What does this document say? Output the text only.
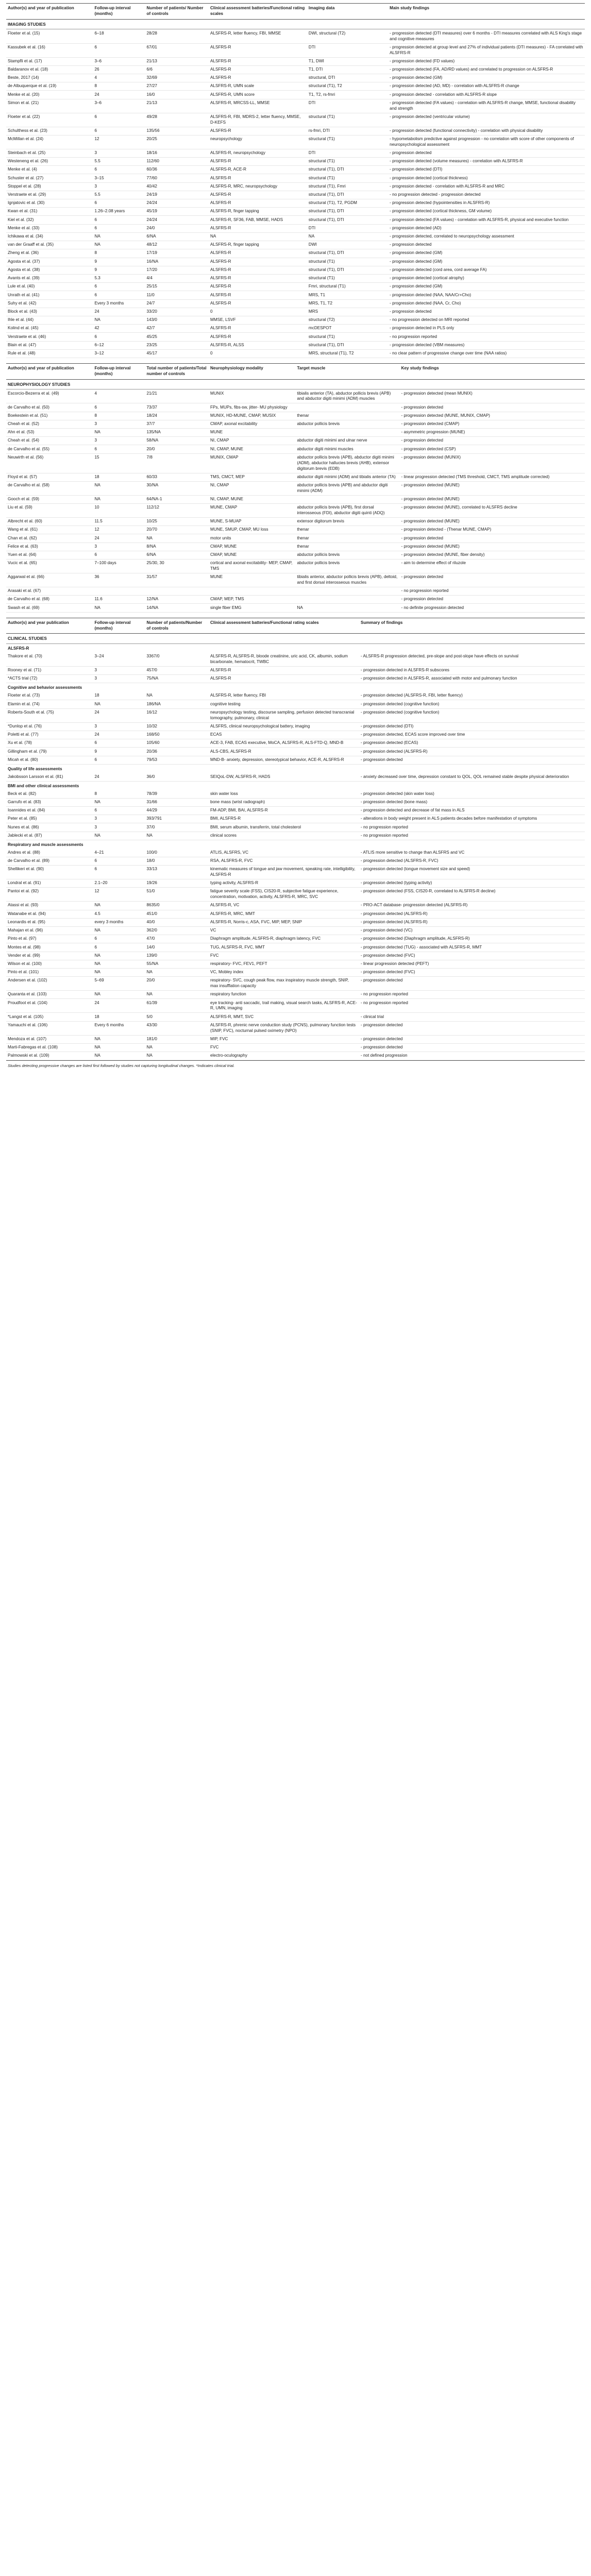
Author(s) and year of publication	Follow-up interval (months)	Number of patients/ Number of controls	Clinical assessment batteries/Functional rating scales	Imaging data	Main study findings
IMAGING STUDIES					
Floeter et al. (15)	6–18	28/28	ALSFRS-R, letter fluency, FBI, MMSE	DWI, structural (T2)	- progression detected (DTI measures) over 6 months - DTI measures correlated with ALS King's stage and cognitive measures
Kassubek et al. (16)	6	67/01	ALSFRS-R	DTI	- progression detected at group level and 27% of individual patients (DTI measures) - FA correlated with ALSFRS-R
Stampfli et al. (17)	3–6	21/13	ALSFRS-R	T1, DWI	- progression detected (FD values)
Baldaranov et al. (18)	26	6/6	ALSFRS-R	T1, DTI	- progression detected (FA, AD/RD values) and correlated to progression on ALSFRS-R
Beste, 2017 (14)	4	32/69	ALSFRS-R	structural, DTI	- progression detected (GM)
de Albuquerque et al. (19)	8	27/27	ALSFRS-R, UMN scale	structural (T1), T2	- progression detected (AD, MD) - correlation with ALSFRS-R change
Menke et al. (20)	24	16/0	ALSFRS-R, UMN score	T1, T2, rs-fmri	- progression detected - correlation with ALSFRS-R slope
Simon et al. (21)	3–6	21/13	ALSFRS-R, MRCSS-LL, MMSE	DTI	- progression detected (FA values) - correlation with ALSFRS-R change, MMSE, functional disability and strength
Floeter et al. (22)	6	49/28	ALSFRS-R, FBI, MDRS-2, letter fluency, MMSE, D-KEFS	structural (T1)	- progression detected (ventricular volume)
Schulthess et al. (23)	6	135/56	ALSFRS-R	rs-fmri, DTI	- progression detected (functional connectivity) - correlation with physical disability
McMillan et al. (24)	12	20/25	neuropsychology	structural (T1)	- hypometabolism predictive against progression - no correlation with score of other components of neuropsychological assessment
Steinbach et al. (25)	3	18/16	ALSFRS-R, neuropsychology	DTI	- progression detected
Westeneng et al. (26)	5.5	112/60	ALSFRS-R	structural (T1)	- progression detected (volume measures) - correlation with ALSFRS-R
Menke et al. (4)	6	60/36	ALSFRS-R, ACE-R	structural (T1), DTI	- progression detected (DTI)
Schuster et al. (27)	3–15	77/60	ALSFRS-R	structural (T1)	- progression detected (cortical thickness)
Stoppel et al. (28)	3	40/42	ALSFRS-R, MRC, neuropsychology	structural (T1), Fmri	- progression detected - correlation with ALSFRS-R and MRC
Verstraete et al. (29)	5.5	24/19	ALSFRS-R	structural (T1), DTI	- no progression detected - progression detected
Ignjatovic et al. (30)	6	24/24	ALSFRS-R	structural (T1), T2, PGDM	- progression detected (hypointensities in ALSFRS-R)
Kwan et al. (31)	1.26–2.08 years	45/19	ALSFRS-R, finger tapping	structural (T1), DTI	- progression detected (cortical thickness, GM volume)
Kiel et al. (32)	6	24/24	ALSFRS-R, SF36, FAB, MMSE, HADS	structural (T1), DTI	- progression detected (FA values) - correlation with ALSFRS-R, physical and executive function
Menke et al. (33)	6	24/0	ALSFRS-R	DTI	- progression detected (AD)
Ichikawa et al. (34)	NA	6/NA	NA	NA	- progression detected, correlated to neuropsychology assessment
van der Graaff et al. (35)	NA	48/12	ALSFRS-R, finger tapping	DWI	- progression detected
Zheng et al. (36)	8	17/19	ALSFRS-R	structural (T1), DTI	- progression detected (GM)
Agosta et al. (37)	9	16/NA	ALSFRS-R	structural (T1)	- progression detected (GM)
Agosta et al. (38)	9	17/20	ALSFRS-R	structural (T1), DTI	- progression detected (cord area, cord average FA)
Avants et al. (39)	5.3	4/4	ALSFRS-R	structural (T1)	- progression detected (cortical atrophy)
Lule et al. (40)	6	25/15	ALSFRS-R	Fmri, structural (T1)	- progression detected (GM)
Unrath et al. (41)	6	11/0	ALSFRS-R	MRS, T1	- progression detected (NAA, NAA/Cr+Cho)
Suhy et al. (42)	Every 3 months	24/7	ALSFRS-R	MRS, T1, T2	- progression detected (NAA, Cr, Cho)
Block et al. (43)	24	33/20	0	MRS	- progression detected
Ihle et al. (44)	NA	143/0	MMSE, LSVF	structural (T2)	- no progression detected on MRI reported
Kolind et al. (45)	42	42/7	ALSFRS-R	mcDESPOT	- progression detected in PLS only
Verstraete et al. (46)	6	45/25	ALSFRS-R	structural (T1)	- no progression reported
Blain et al. (47)	6–12	23/25	ALSFRS-R, ALSS	structural (T1), DTI	- progression detected (VBM measures)
Rule et al. (48)	3–12	45/17	0	MRS, structural (T1), T2	- no clear pattern of progressive change over time (NAA ratios)
Author(s) and year of publication	Follow-up interval (months)	Total number of patients/Total number of controls	Neurophysiology modality	Target muscle	Key study findings
NEUROPHYSIOLOGY STUDIES					
Escorcio-Bezerra et al. (49)	4	21/21	MUNIX	tibialis anterior (TA), abductor pollicis brevis (APB) and abductor digiti minimi (ADM) muscles	- progression detected (mean MUNIX)
de Carvalho et al. (50)	6	73/37	FPs, MUPs, fibs-sw, jitter- MU physiology		- progression detected
Boekestein et al. (51)	8	18/24	MUNIX, HD-MUNE, CMAP, MUSIX	thenar	- progression detected (MUNE, MUNIX, CMAP)
Cheah et al. (52)	3	37/7	CMAP, axonal excitability	abductor pollicis brevis	- progression detected (CMAP)
Ahn et al. (53)	NA	135/NA	MUNE		- asymmetric progression (MUNE)
Cheah et al. (54)	3	58/NA	NI, CMAP	abductor digiti minimi and ulnar nerve	- progression detected
de Carvalho et al. (55)	6	20/0	NI, CMAP, MUNE	abductor digiti minimi muscles	- progression detected (CSP)
Neuwirth et al. (56)	15	7/8	MUNIX, CMAP	abductor pollicis brevis (APB), abductor digiti minimi (ADM), abductor hallucies brevis (AHB), extensor digitorum brevis (EDB)	- progression detected (MUNIX)
Floyd et al. (57)	18	60/33	TMS, CMCT, MEP	abductor digiti minimi (ADM) and tibialis anterior (TA)	- linear progression detected (TMS threshold, CMCT, TMS amplitude corrected)
de Carvalho et al. (58)	NA	30/NA	NI, CMAP	abductor pollicis brevis (APB) and abductor digiti minimi (ADM)	- progression detected (MUNE)
Gooch et al. (59)	NA	64/NA-1	NI, CMAP, MUNE		- progression detected (MUNE)
Liu et al. (59)	10	112/12	MUNE, CMAP	abductor pollicis brevis (APB), first dorsal interosseous (FDI), abductor digiti quinti (ADQ)	- progression detected (MUNE), correlated to ALSFRS decline
Albrecht et al. (60)	11.5	10/25	MUNE, S-MUAP	extensor digitorum brevis	- progression detected (MUNE)
Wang et al. (61)	12	20/70	MUNE, SMUP, CMAP, MU loss	thenar	- progression detected - (Thenar MUNE, CMAP)
Chan et al. (62)	24	NA	motor units	thenar	- progression detected
Felice et al. (63)	3	8/NA	CMAP, MUNE	thenar	- progression detected (MUNE)
Yuen et al. (64)	6	6/NA	CMAP, MUNE	abductor pollicis brevis	- progression detected (MUNE, fiber density)
Vucic et al. (65)	7–100 days	25/30, 30	cortical and axonal excitability- MEP, CMAP, TMS	abductor pollicis brevis	- aim to determine effect of riluzole
Aggarwal et al. (66)	36	31/57	MUNE	tibialis anterior, abductor pollicis brevis (APB), deltoid, and first dorsal interosseous muscles	- progression detected
Arasaki et al. (67)					- no progression reported
de Carvalho et al. (68)	11.6	12/NA	CMAP, MEP, TMS		- progression detected
Swash et al. (69)	NA	14/NA	single fiber EMG	NA	- no definite progression detected
Author(s) and year publication	Follow-up interval (months)	Number of patients/Number of controls	Clinical assessment batteries/Functional rating scales	Summary of findings
CLINICAL STUDIES				
ALSFRS-R				
Thakore et al. (70)	3–24	3367/0	ALSFRS-R, ALSFRS-R, bloode creatinine, uric acid, CK, albumin, sodium bicarbonate, hematocrit, TWBC	- ALSFRS-R progression detected, pre-slope and post-slope have effects on survival
Rooney et al. (71)	3	457/0	ALSFRS-R	- progression detected in ALSFRS-R subscores
*ACTS trial (72)	3	75/NA	ALSFRS-R	- progression detected in ALSFRS-R, associated with motor and pulmonary function
Cognitive and behavior assessments				
Floeter et al. (73)	18	NA	ALSFRS-R, letter fluency, FBI	- progression detected (ALSFRS-R, FBI, letter fluency)
Elamin et al. (74)	NA	186/NA	cognitive testing	- progression detected (cognitive function)
Roberts-South et al. (75)	24	16/12	neuropsychology testing, discourse sampling, perfusion detected transcranial tomography, pulmonary, clinical	- progression detected (cognitive function)
*Dunlop et al. (76)	3	10/32	ALSFRS, clinical neuropsychological battery, imaging	- progression detected (DTI)
Poletti et al. (77)	24	168/50	ECAS	- progression detected, ECAS score improved over time
Xu et al. (78)	6	105/60	ACE-3, FAB, ECAS executive, MoCA, ALSFRS-R, ALS-FTD-Q, MND-B	- progression detected (ECAS)
Gillingham et al. (79)	9	20/36	ALS-CBS, ALSFRS-R	- progression detected (ALSFRS-R)
Micah et al. (80)	6	79/53	MND-B- anxiety, depression, stereotypical behavior, ACE-R, ALSFRS-R	- progression detected
Quality of life assessments				
Jakobsson Larsson et al. (81)	24	36/0	SEIQoL-DW, ALSFRS-R, HADS	- anxiety decreased over time, depression constant to QOL, QOL remained stable despite physical deterioration
BMI and other clinical assessments				
Beck et al. (82)	8	78/39	skin water loss	- progression detected (skin water loss)
Garrufo et al. (83)	NA	31/66	bone mass (wrist radiograph)	- progression detected (bone mass)
Ioannides et al. (84)	6	44/29	FM-ADP, BMI, BAI, ALSFRS-R	- progression detected and decrease of fat mass in ALS
Peter et al. (85)	3	393/791	BMI, ALSFRS-R	- alterations in body weight present in ALS patients decades before manifestation of symptoms
Nunes et al. (86)	3	37/0	BMI, serum albumin, transferrin, total cholesterol	- no progression reported
Jablecki et al. (87)	NA	NA	clinical scores	- no progression reported
Respiratory and muscle assessments				
Andres et al. (88)	4–21	100/0	ATLIS, ALSFRS, VC	- ATLIS more sensitive to change than ALSFRS and VC
de Carvalho et al. (89)	6	18/0	RSA, ALSFRS-R, FVC	- progression detected (ALSFRS-R, FVC)
Shellikeri et al. (90)	6	33/13	kinematic measures of tongue and jaw movement, speaking rate, intelligibility, ALSFRS-R	- progression detected (tongue movement size and speed)
Londral et al. (91)	2.1–20	19/26	typing activity, ALSFRS-R	- progression detected (typing activity)
Pantoi et al. (92)	12	51/0	fatigue severity scale (FSS), CIS20-R, subjective fatigue experience, concentration, motivation, activity, ALSFRS-R, MRC, SVC	- progression detected (FSS, CIS20-R, correlated to ALSFRS-R decline)
Atassi et al. (93)	NA	8635/0	ALSFRS-R, VC	- PRO-ACT database- progression detected (ALSFRS-R)
Watanabe et al. (94)	4.5	451/0	ALSFRS-R, MRC, MMT	- progression detected (ALSFRS-R)
Leonardis et al. (95)	every 3 months	40/0	ALSFRS-R, Norris-c, ASA, FVC, MIP, MEP, SNIP	- progression detected (ALSFRS-R)
Mahajan et al. (96)	NA	362/0	VC	- progression detected (VC)
Pinto et al. (97)	6	47/0	Diaphragm amplitude, ALSFRS-R, diaphragm latency, FVC	- progression detected (Diaphragm amplitude, ALSFRS-R)
Montes et al. (98)	6	14/0	TUG, ALSFRS-R, FVC, MMT	- progression detected (TUG) - associated with ALSFRS-R, MMT
Vender et al. (99)	NA	139/0	FVC	- progression detected (FVC)
Wilson et al. (100)	NA	55/NA	respiratory- FVC, FEV1, PEFT	- linear progression detected (PEFT)
Pinto et al. (101)	NA	NA	VC, Mobley index	- progression detected (FVC)
Andersen et al. (102)	5–69	20/0	respiratory- SVC, cough peak flow, max inspiratory muscle strength, SNIP, max insufflation capacity	- progression detected
Quaranta et al. (103)	NA	NA	respiratory function	- no progression reported
Proudfoot et al. (104)	24	61/39	eye tracking- anti saccadic, trail making, visual search tasks, ALSFRS-R, ACE-R, UMN, imaging	- no progression reported
*Langst et al. (105)	18	5/0	ALSFRS-R, MMT, SVC	- clinical trial
Yamauchi et al. (106)	Every 6 months	43/30	ALSFRS-R, phrenic nerve conduction study (PCNS), pulmonary function tests (SNIP, FVC), nocturnal pulsed oximetry (NPO)	- progression detected
Mendoza et al. (107)	NA	181/0	MIP, FVC	- progression detected
Marti-Fabregas et al. (108)	NA	NA	FVC	- progression detected
Palmowski et al. (109)	NA	NA	electro-oculography	- not defined progression
Studies detecting progressive changes are listed first followed by studies not capturing longitudinal changes. *Indicates clinical trial.
